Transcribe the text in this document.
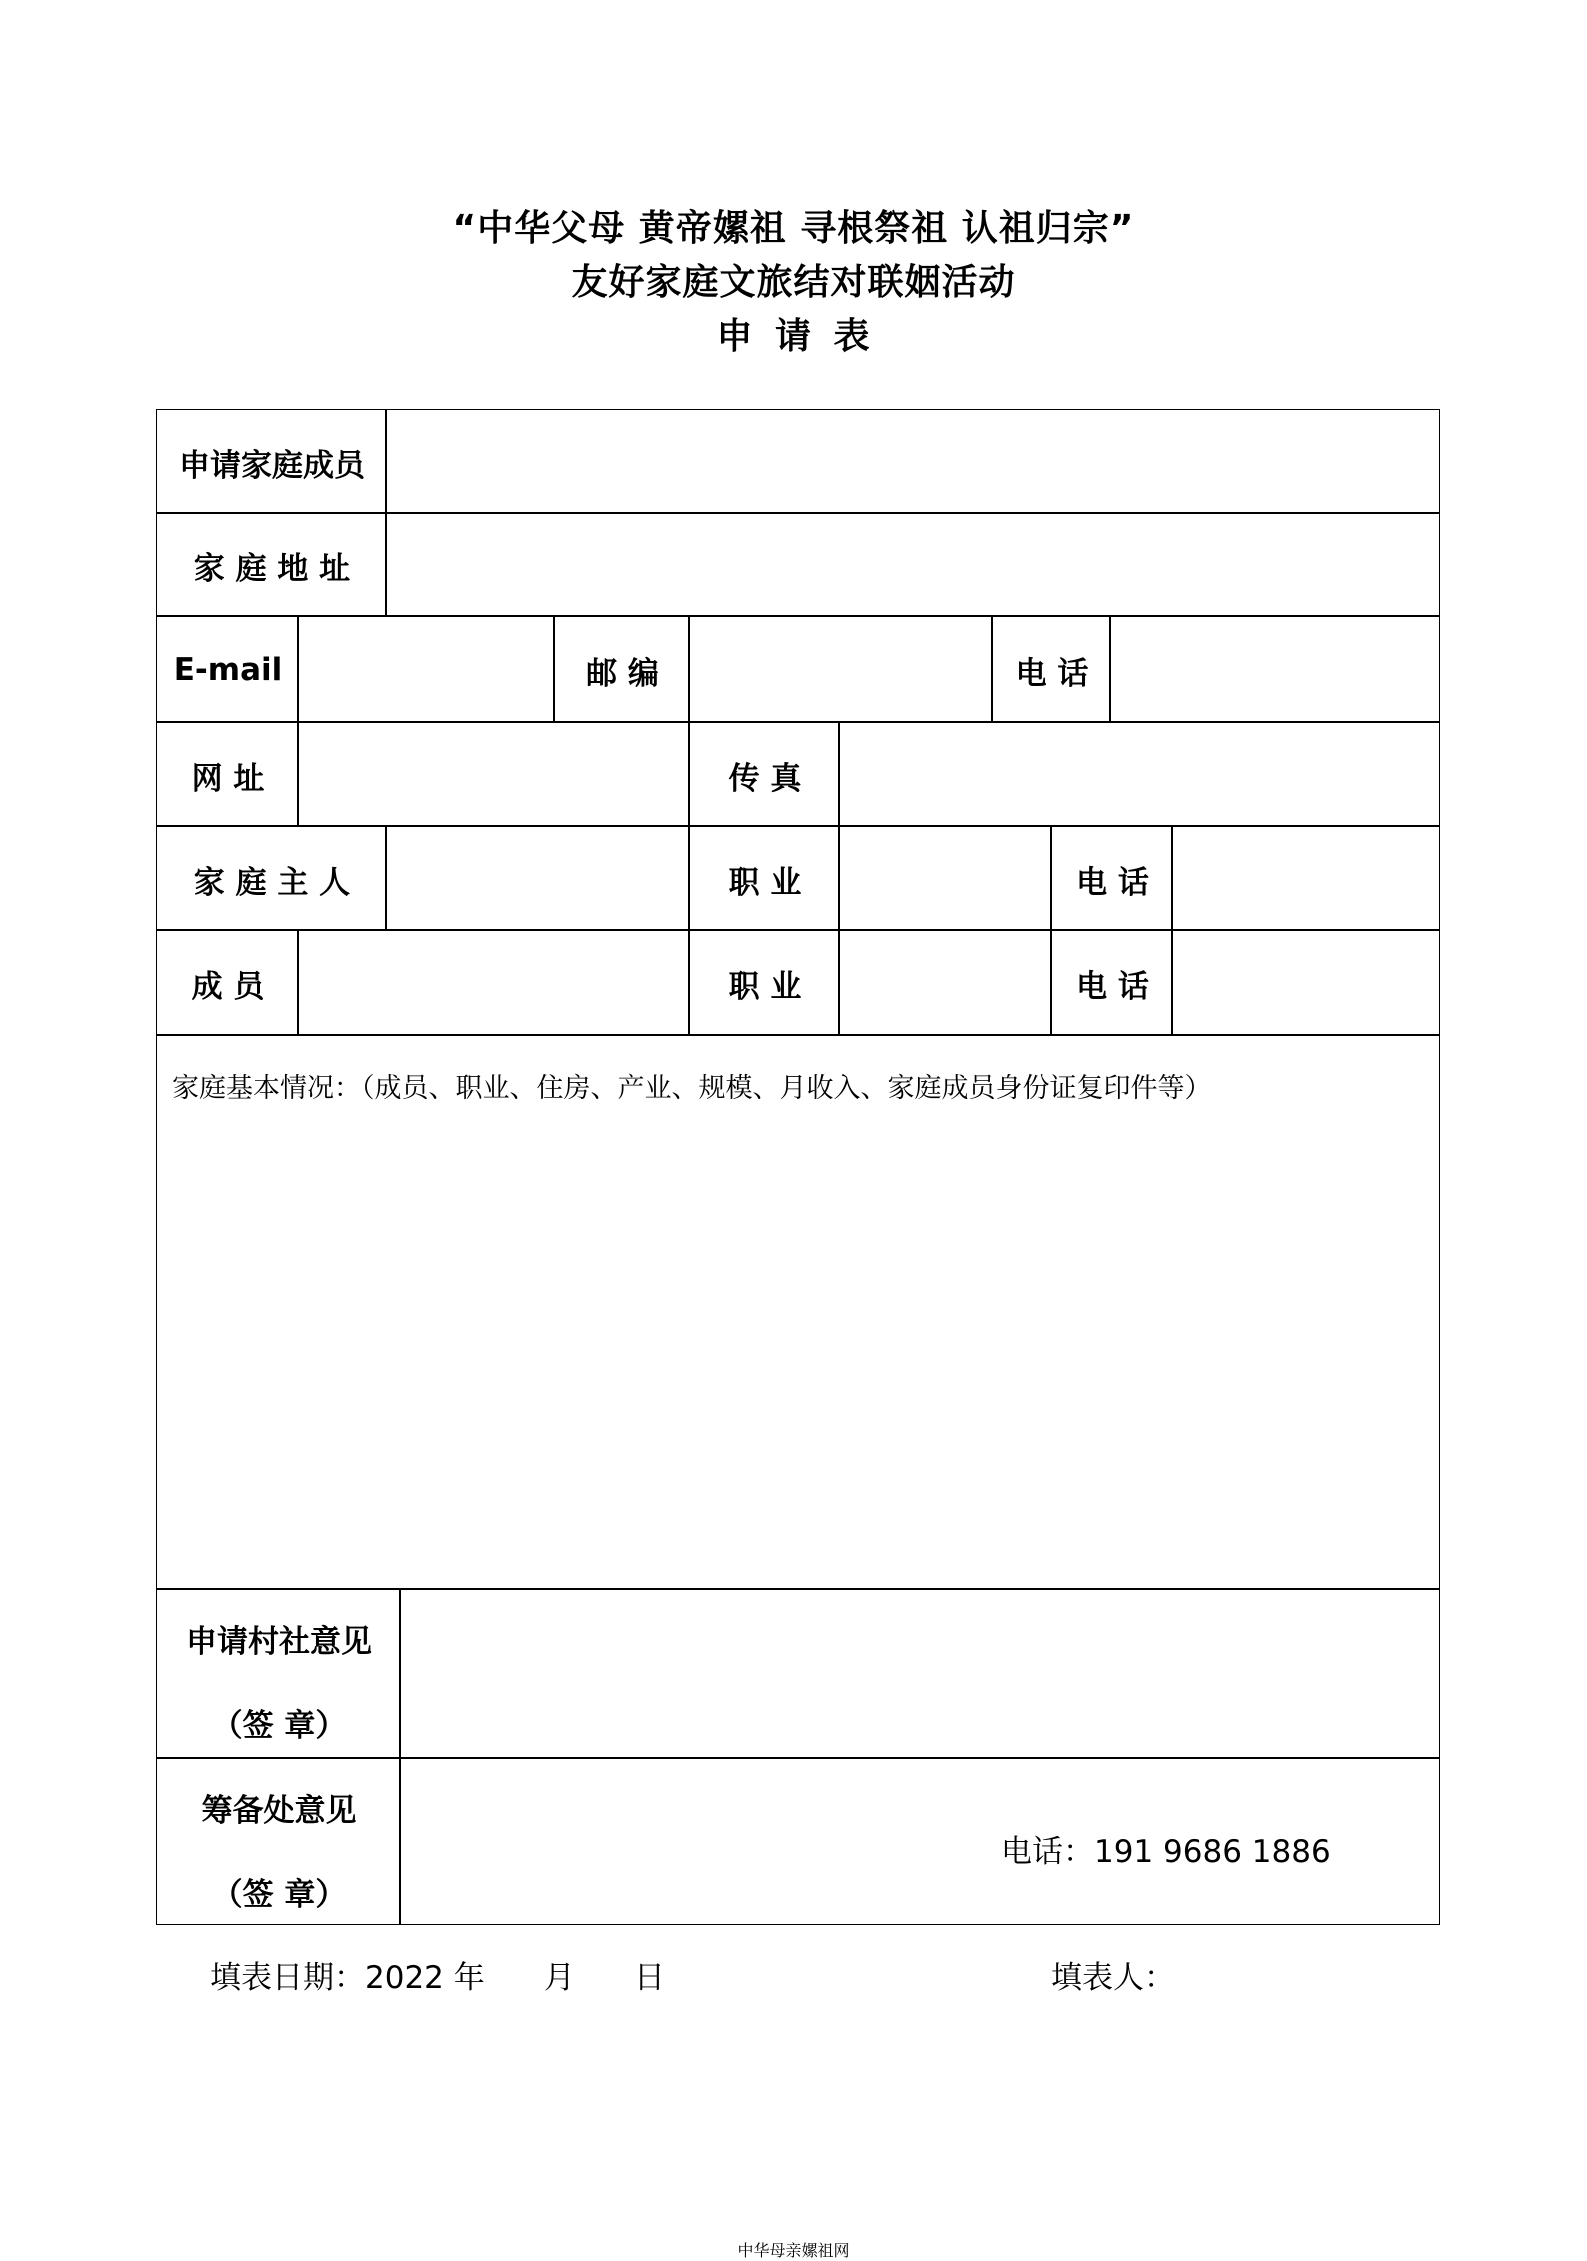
“中华父母 黄帝嫘祖 寻根祭祖 认祖归宗”
友好家庭文旅结对联姻活动
申 请 表
申请家庭成员
家 庭 地 址
E-mail	邮 编	电 话
网 址	传 真
家 庭 主 人	职 业	电 话
成 员	职 业	电 话
家庭基本情况：（成员、职业、住房、产业、规模、月收入、家庭成员身份证复印件等）
申请村社意见
（签 章）
筹备处意见
（签 章）
电话：191 9686 1886
填表日期：2022 年      月      日	填表人：
中华母亲嫘祖网
